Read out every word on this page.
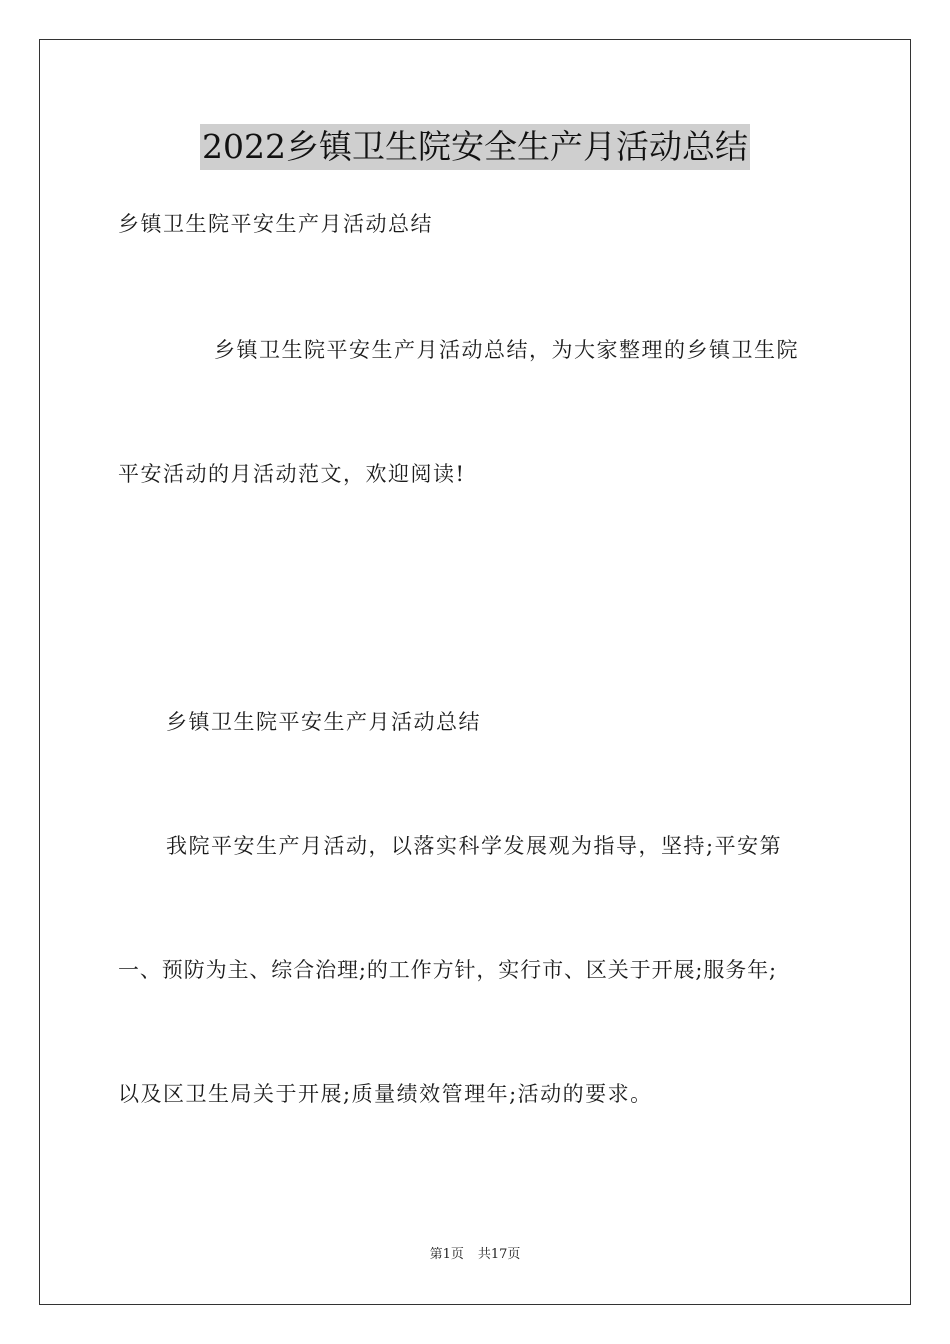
2022乡镇卫生院安全生产月活动总结
乡镇卫生院平安生产月活动总结
乡镇卫生院平安生产月活动总结，为大家整理的乡镇卫生院
平安活动的月活动范文，欢迎阅读!
乡镇卫生院平安生产月活动总结
我院平安生产月活动，以落实科学发展观为指导，坚持;平安第
一、预防为主、综合治理;的工作方针，实行市、区关于开展;服务年;
以及区卫生局关于开展;质量绩效管理年;活动的要求。
第1页 共17页
